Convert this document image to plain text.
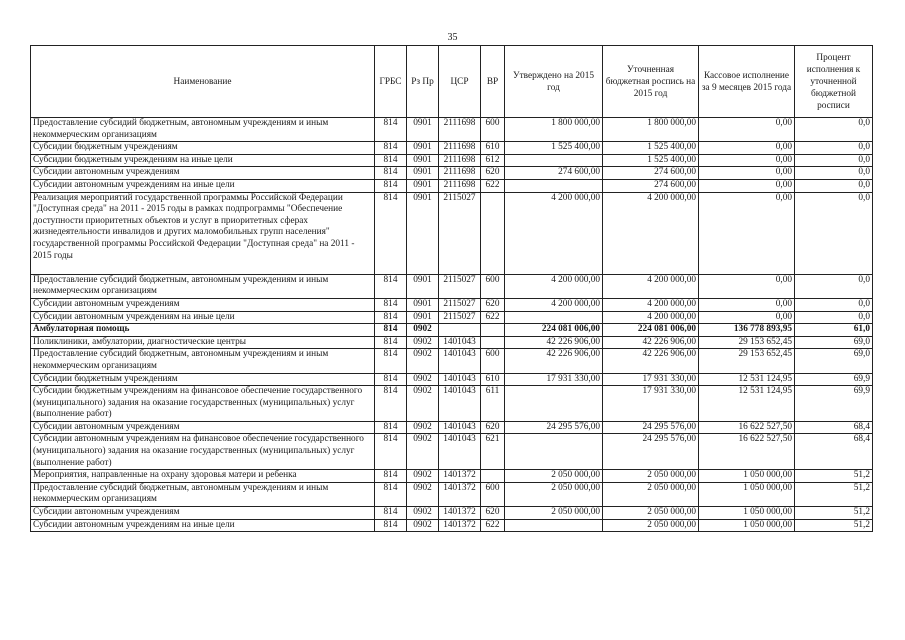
35
Наименование	ГРБС	Рз Пр	ЦСР	ВР	Утверждено на 2015 год	Уточненная бюджетная роспись на 2015 год	Кассовое исполнение за 9 месяцев 2015 года	Процент исполнения к уточненной бюджетной росписи
Предоставление субсидий бюджетным, автономным учреждениям и иным некоммерческим организациям	814	0901	2111698	600	1 800 000,00	1 800 000,00	0,00	0,0
Субсидии бюджетным учреждениям	814	0901	2111698	610	1 525 400,00	1 525 400,00	0,00	0,0
Субсидии бюджетным учреждениям на иные цели	814	0901	2111698	612		1 525 400,00	0,00	0,0
Субсидии автономным учреждениям	814	0901	2111698	620	274 600,00	274 600,00	0,00	0,0
Субсидии автономным учреждениям на иные цели	814	0901	2111698	622		274 600,00	0,00	0,0
Реализация мероприятий государственной программы Российской Федерации "Доступная среда" на 2011 - 2015 годы в рамках подпрограммы "Обеспечение доступности приоритетных объектов и услуг в приоритетных сферах жизнедеятельности инвалидов и других маломобильных групп населения" государственной программы Российской Федерации "Доступная среда" на 2011 - 2015 годы	814	0901	2115027		4 200 000,00	4 200 000,00	0,00	0,0
Предоставление субсидий бюджетным, автономным учреждениям и иным некоммерческим организациям	814	0901	2115027	600	4 200 000,00	4 200 000,00	0,00	0,0
Субсидии автономным учреждениям	814	0901	2115027	620	4 200 000,00	4 200 000,00	0,00	0,0
Субсидии автономным учреждениям на иные цели	814	0901	2115027	622		4 200 000,00	0,00	0,0
Амбулаторная помощь	814	0902			224 081 006,00	224 081 006,00	136 778 893,95	61,0
Поликлиники, амбулатории, диагностические центры	814	0902	1401043		42 226 906,00	42 226 906,00	29 153 652,45	69,0
Предоставление субсидий бюджетным, автономным учреждениям и иным некоммерческим организациям	814	0902	1401043	600	42 226 906,00	42 226 906,00	29 153 652,45	69,0
Субсидии бюджетным учреждениям	814	0902	1401043	610	17 931 330,00	17 931 330,00	12 531 124,95	69,9
Субсидии бюджетным учреждениям на финансовое обеспечение государственного (муниципального) задания на оказание государственных (муниципальных) услуг (выполнение работ)	814	0902	1401043	611		17 931 330,00	12 531 124,95	69,9
Субсидии автономным учреждениям	814	0902	1401043	620	24 295 576,00	24 295 576,00	16 622 527,50	68,4
Субсидии автономным учреждениям на финансовое обеспечение государственного (муниципального) задания на оказание государственных (муниципальных) услуг (выполнение работ)	814	0902	1401043	621		24 295 576,00	16 622 527,50	68,4
Мероприятия, направленные на охрану здоровья матери и ребенка	814	0902	1401372		2 050 000,00	2 050 000,00	1 050 000,00	51,2
Предоставление субсидий бюджетным, автономным учреждениям и иным некоммерческим организациям	814	0902	1401372	600	2 050 000,00	2 050 000,00	1 050 000,00	51,2
Субсидии автономным учреждениям	814	0902	1401372	620	2 050 000,00	2 050 000,00	1 050 000,00	51,2
Субсидии автономным учреждениям на иные цели	814	0902	1401372	622		2 050 000,00	1 050 000,00	51,2
